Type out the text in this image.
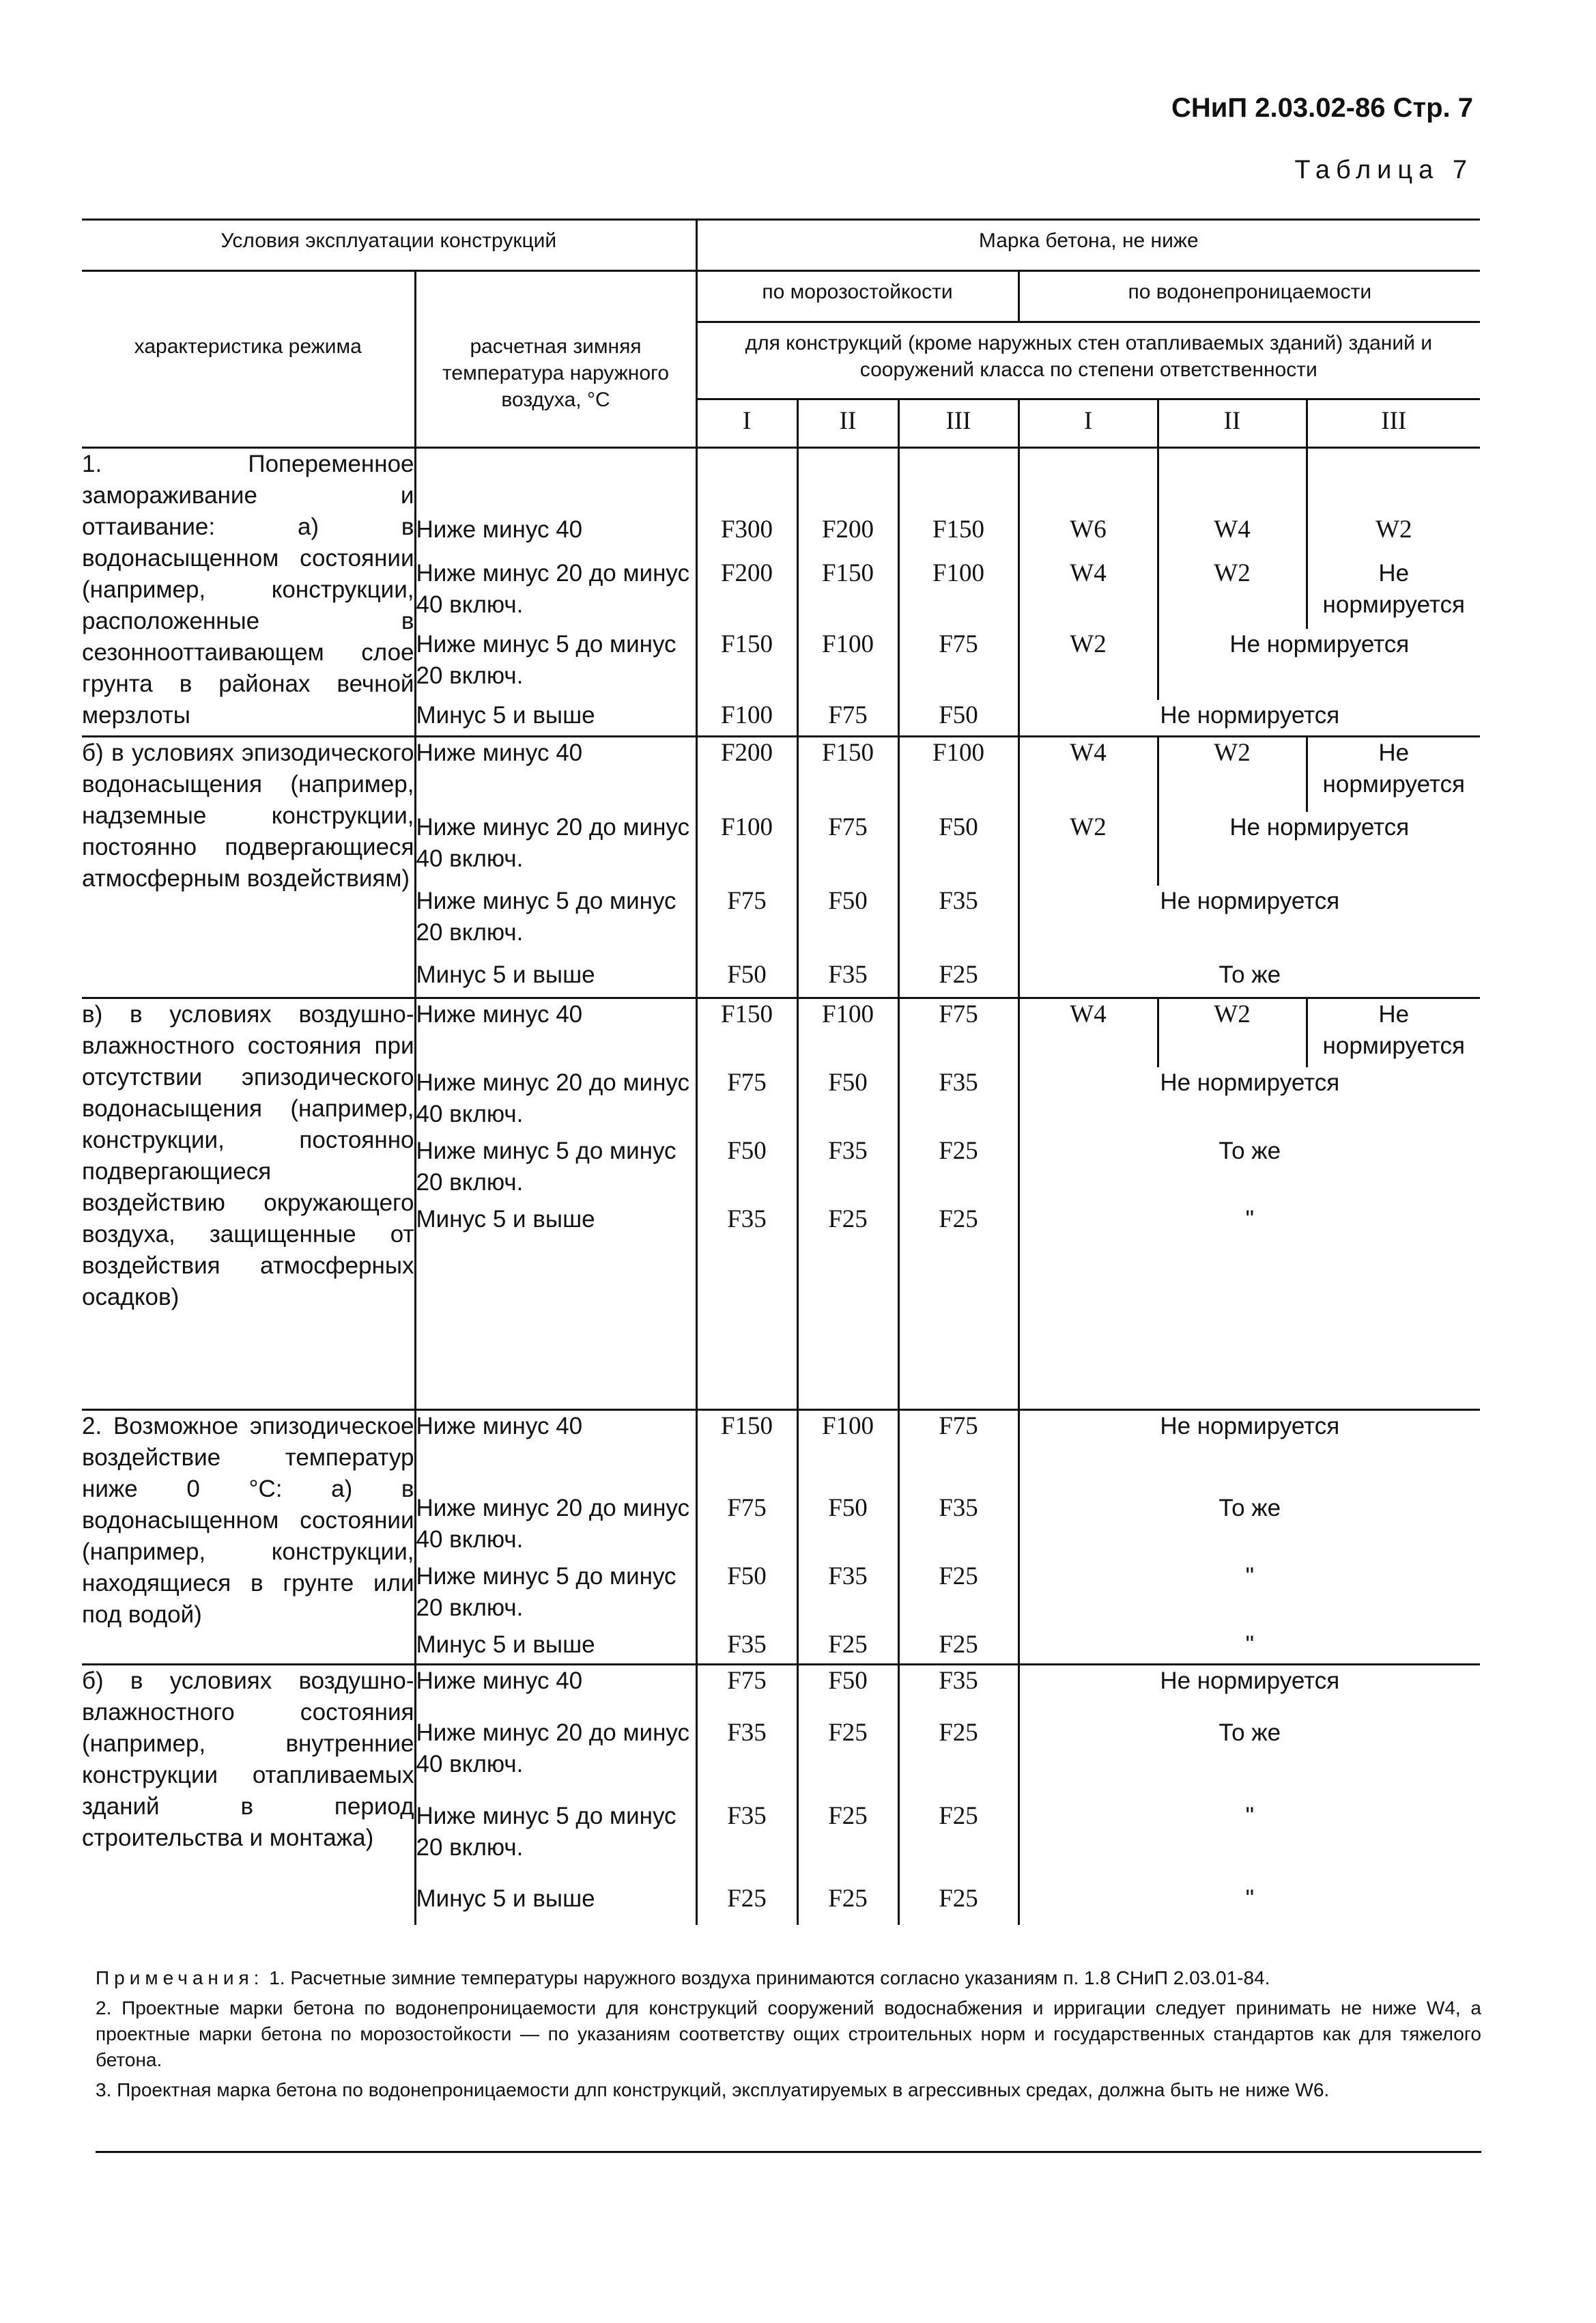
СНиП 2.03.02-86 Стр. 7
Таблица 7
Условия эксплуатации конструкций		Марка бетона, не ниже					
характеристика режима	расчетная зимняя температура наружного воздуха, °С	по морозостойкости			по водонепроницаемости		
		для конструкций (кроме наружных стен отапливаемых зданий) зданий и сооружений класса по степени ответственности					
		I	II	III	I	II	III
1. Попеременное замораживание и оттаивание: а) в водонасыщенном состоянии (например, конструкции, расположенные в сезоннооттаивающем слое грунта в районах вечной мерзлоты	Ниже минус 40	F300	F200	F150	W6	W4	W2
	Ниже минус 20 до минус 40 включ.	F200	F150	F100	W4	W2	Не нормируется
	Ниже минус 5 до минус 20 включ.	F150	F100	F75	W2	Не нормируется	
	Минус 5 и выше	F100	F75	F50	Не нормируется		
б) в условиях эпизодического водонасыщения (например, надземные конструкции, постоянно подвергающиеся атмосферным воздействиям)	Ниже минус 40	F200	F150	F100	W4	W2	Не нормируется
	Ниже минус 20 до минус 40 включ.	F100	F75	F50	W2	Не нормируется	
	Ниже минус 5 до минус 20 включ.	F75	F50	F35	Не нормируется		
	Минус 5 и выше	F50	F35	F25	То же		
в) в условиях воздушно-влажностного состояния при отсутствии эпизодического водонасыщения (например, конструкции, постоянно подвергающиеся воздействию окружающего воздуха, защищенные от воздействия атмосферных осадков)	Ниже минус 40	F150	F100	F75	W4	W2	Не нормируется
	Ниже минус 20 до минус 40 включ.	F75	F50	F35	Не нормируется		
	Ниже минус 5 до минус 20 включ.	F50	F35	F25	То же		
	Минус 5 и выше	F35	F25	F25	"		
2. Возможное эпизодическое воздействие температур ниже 0 °С: а) в водонасыщенном состоянии (например, конструкции, находящиеся в грунте или под водой)	Ниже минус 40	F150	F100	F75	Не нормируется		
	Ниже минус 20 до минус 40 включ.	F75	F50	F35	То же		
	Ниже минус 5 до минус 20 включ.	F50	F35	F25	"		
	Минус 5 и выше	F35	F25	F25	"		
б) в условиях воздушно-влажностного состояния (например, внутренние конструкции отапливаемых зданий в период строительства и монтажа)	Ниже минус 40	F75	F50	F35	Не нормируется		
	Ниже минус 20 до минус 40 включ.	F35	F25	F25	То же		
	Ниже минус 5 до минус 20 включ.	F35	F25	F25	"		
	Минус 5 и выше	F25	F25	F25	"		

Примечания: 1. Расчетные зимние температуры наружного воздуха принимаются согласно указаниям п. 1.8 СНиП 2.03.01-84.

2. Проектные марки бетона по водонепроницаемости для конструкций сооружений водоснабжения и ирригации следует принимать не ниже W4, а проектные марки бетона по морозостойкости — по указаниям соответству ощих строительных норм и государственных стандартов как для тяжелого бетона.

3. Проектная марка бетона по водонепроницаемости длп конструкций, эксплуатируемых в агрессивных средах, должна быть не ниже W6.
